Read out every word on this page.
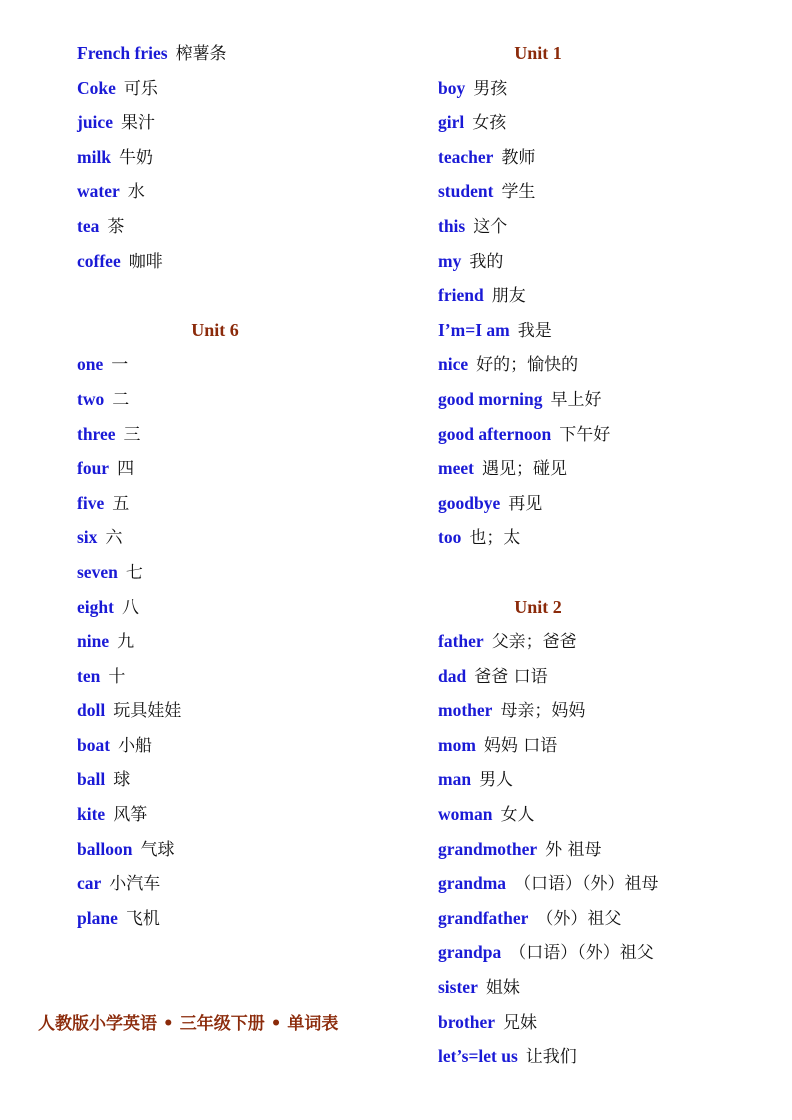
French fries 榨薯条
Coke 可乐
juice 果汁
milk 牛奶
water 水
tea 茶
coffee 咖啡
Unit 6
one 一
two 二
three 三
four 四
five 五
six 六
seven 七
eight 八
nine 九
ten 十
doll 玩具娃娃
boat 小船
ball 球
kite 风筝
balloon 气球
car 小汽车
plane 飞机
Unit 1
boy 男孩
girl 女孩
teacher 教师
student 学生
this 这个
my 我的
friend 朋友
I’m=I am 我是
nice 好的；愉快的
good morning 早上好
good afternoon 下午好
meet 遇见；碰见
goodbye 再见
too 也；太
Unit 2
father 父亲；爸爸
dad 爸爸 口语
mother 母亲；妈妈
mom 妈妈 口语
man 男人
woman 女人
grandmother 外 祖母
grandma （口语）（外）祖母
grandfather （外）祖父
grandpa （口语）（外）祖父
sister 姐妹
brother 兄妹
let’s=let us 让我们
人教版小学英语 • 三年级下册 • 单词表
